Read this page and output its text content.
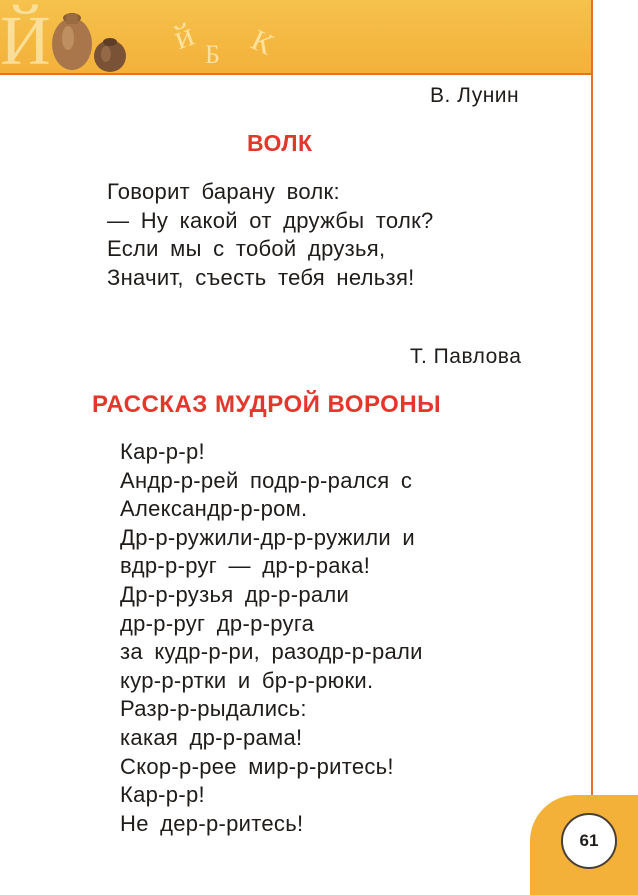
Й	й Б К
61
В. Лунин
ВОЛК
Говорит барану волк:
— Ну какой от дружбы толк?
Если мы с тобой друзья,
Значит, съесть тебя нельзя!
Т. Павлова
РАССКАЗ МУДРОЙ ВОРОНЫ
Кар-р-р!
Андр-р-рей подр-р-рался с
Александр-р-ром.
Др-р-ружили-др-р-ружили и
вдр-р-руг — др-р-рака!
Др-р-рузья др-р-рали
др-р-руг др-р-руга
за кудр-р-ри, разодр-р-рали
кур-р-ртки и бр-р-рюки.
Разр-р-рыдались:
какая др-р-рама!
Скор-р-рее мир-р-ритесь!
Кар-р-р!
Не дер-р-ритесь!
